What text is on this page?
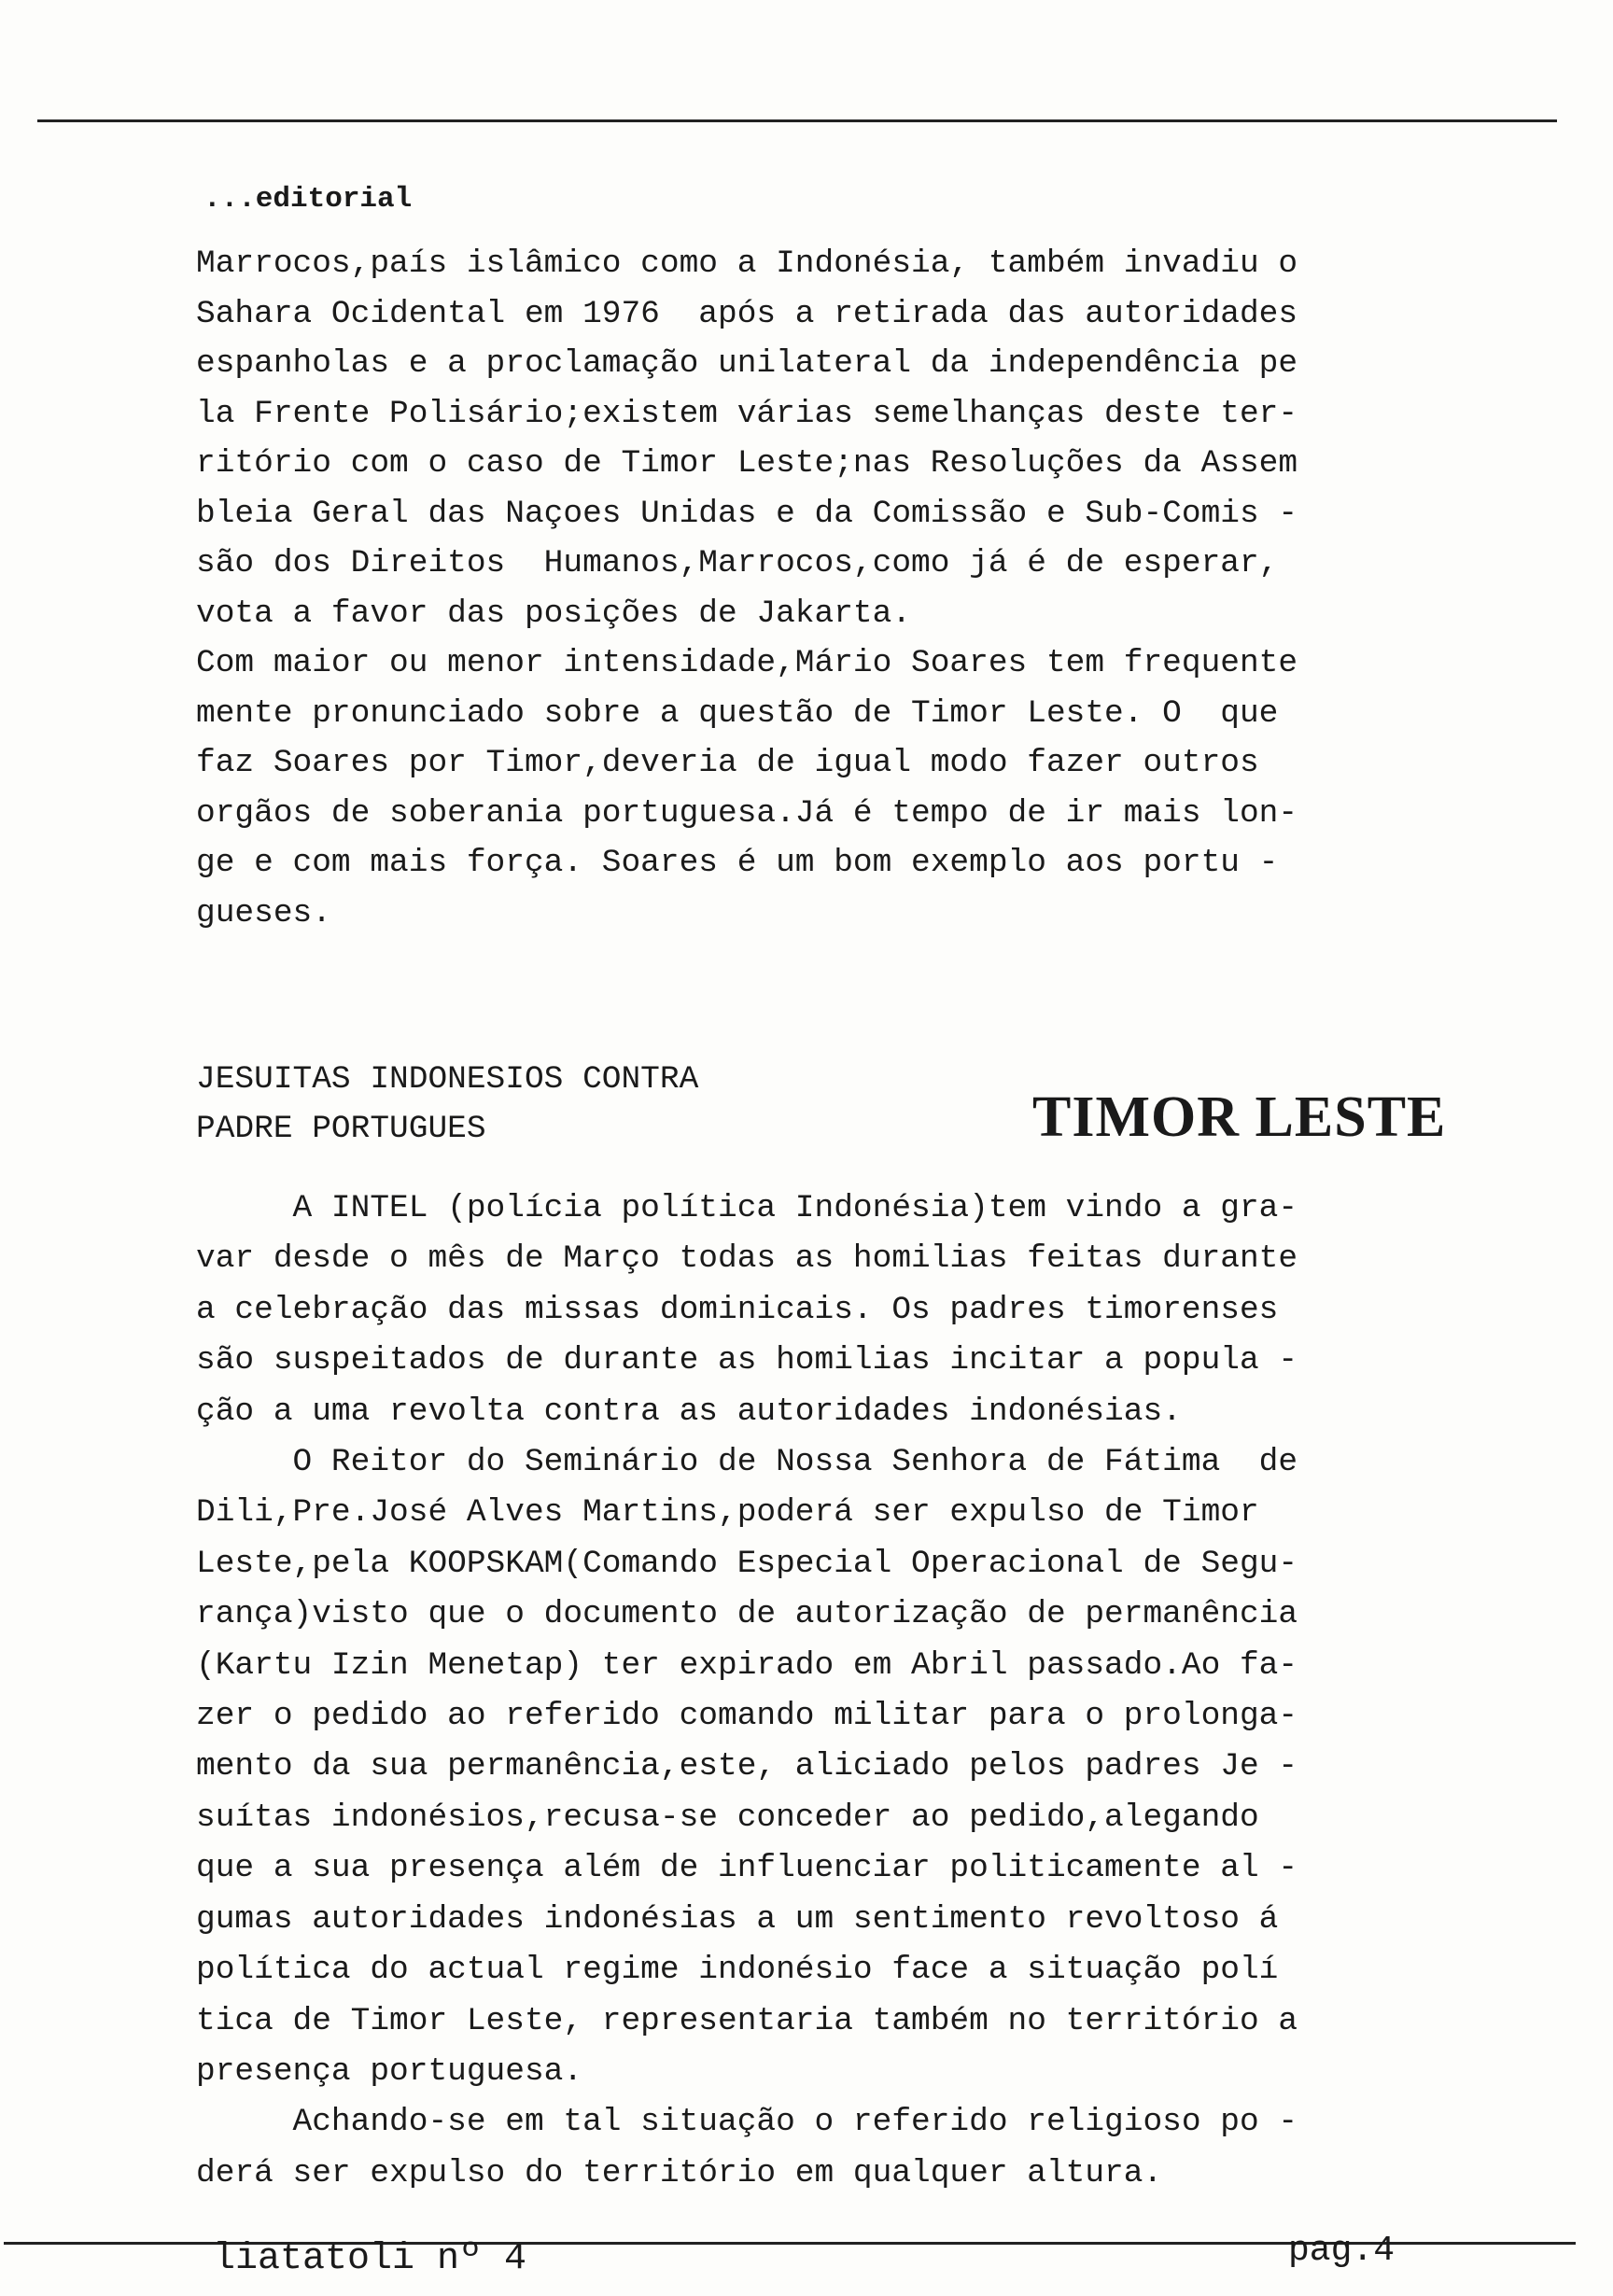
...editorial

Marrocos,país islâmico como a Indonésia, também invadiu o
Sahara Ocidental em 1976  após a retirada das autoridades
espanholas e a proclamação unilateral da independência pe
la Frente Polisário;existem várias semelhanças deste ter-
ritório com o caso de Timor Leste;nas Resoluções da Assem
bleia Geral das Naçoes Unidas e da Comissão e Sub-Comis -
são dos Direitos  Humanos,Marrocos,como já é de esperar,
vota a favor das posições de Jakarta.
Com maior ou menor intensidade,Mário Soares tem frequente
mente pronunciado sobre a questão de Timor Leste. O  que
faz Soares por Timor,deveria de igual modo fazer outros
orgãos de soberania portuguesa.Já é tempo de ir mais lon-
ge e com mais força. Soares é um bom exemplo aos portu -
gueses.

JESUITAS INDONESIOS CONTRA
PADRE PORTUGUES	TIMOR LESTE

A INTEL (polícia política Indonésia)tem vindo a gra-
var desde o mês de Março todas as homilias feitas durante
a celebração das missas dominicais. Os padres timorenses
são suspeitados de durante as homilias incitar a popula -
ção a uma revolta contra as autoridades indonésias.
O Reitor do Seminário de Nossa Senhora de Fátima  de
Dili,Pre.José Alves Martins,poderá ser expulso de Timor
Leste,pela KOOPSKAM(Comando Especial Operacional de Segu-
rança)visto que o documento de autorização de permanência
(Kartu Izin Menetap) ter expirado em Abril passado.Ao fa-
zer o pedido ao referido comando militar para o prolonga-
mento da sua permanência,este, aliciado pelos padres Je -
suítas indonésios,recusa-se conceder ao pedido,alegando
que a sua presença além de influenciar politicamente al -
gumas autoridades indonésias a um sentimento revoltoso á
política do actual regime indonésio face a situação polí
tica de Timor Leste, representaria também no território a
presença portuguesa.
Achando-se em tal situação o referido religioso po -
derá ser expulso do território em qualquer altura.

liatatoli nº 4	pag.4
